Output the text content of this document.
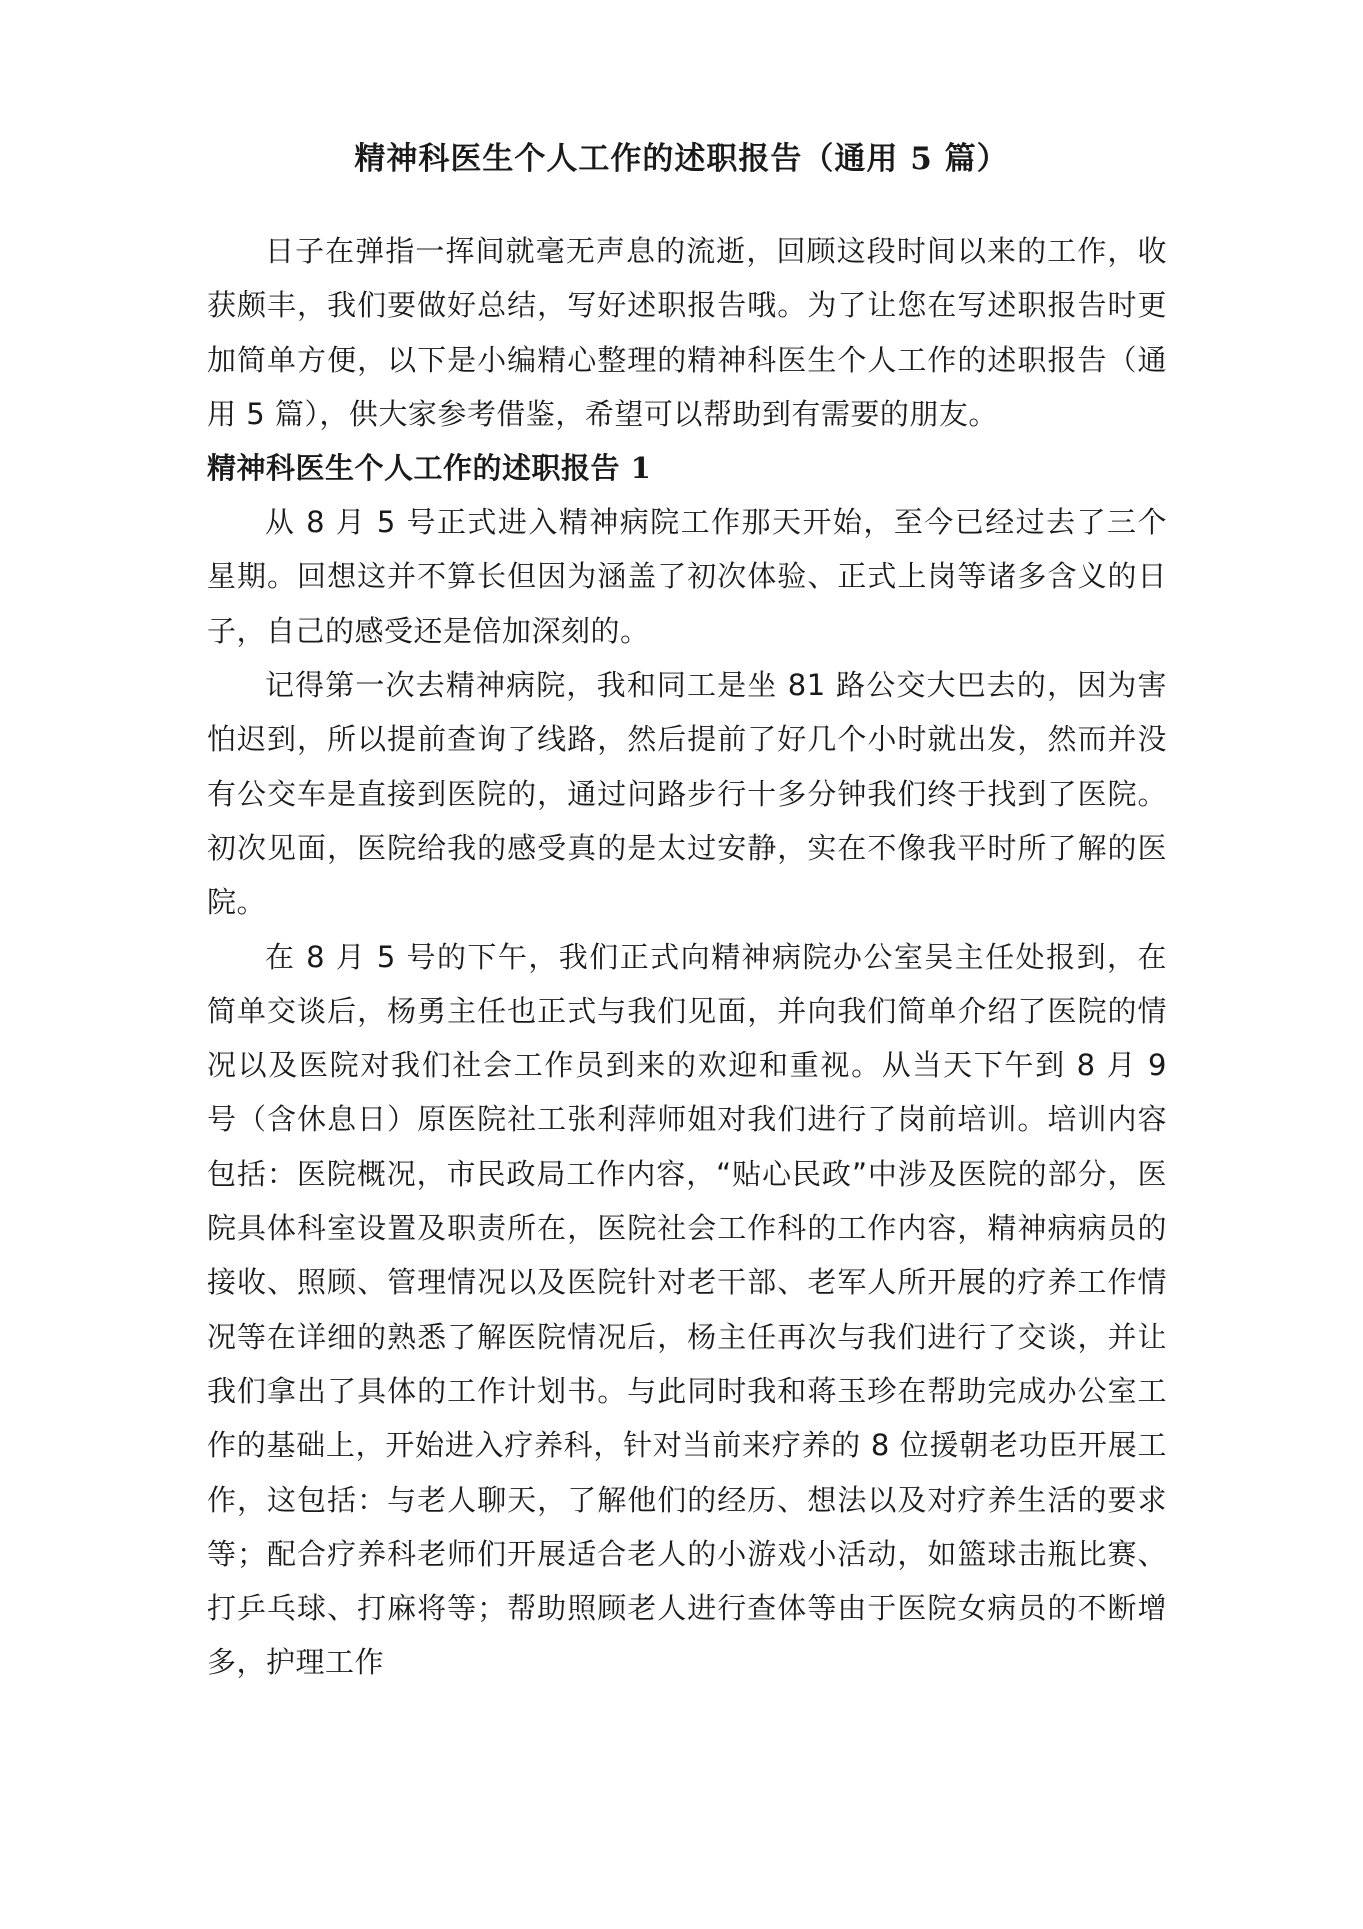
精神科医生个人工作的述职报告（通用 5 篇）

日子在弹指一挥间就毫无声息的流逝，回顾这段时间以来的工作，收获颇丰，我们要做好总结，写好述职报告哦。为了让您在写述职报告时更加简单方便，以下是小编精心整理的精神科医生个人工作的述职报告（通用 5 篇），供大家参考借鉴，希望可以帮助到有需要的朋友。

精神科医生个人工作的述职报告 1

从 8 月 5 号正式进入精神病院工作那天开始，至今已经过去了三个星期。回想这并不算长但因为涵盖了初次体验、正式上岗等诸多含义的日子，自己的感受还是倍加深刻的。

记得第一次去精神病院，我和同工是坐 81 路公交大巴去的，因为害怕迟到，所以提前查询了线路，然后提前了好几个小时就出发，然而并没有公交车是直接到医院的，通过问路步行十多分钟我们终于找到了医院。初次见面，医院给我的感受真的是太过安静，实在不像我平时所了解的医院。

在 8 月 5 号的下午，我们正式向精神病院办公室吴主任处报到，在简单交谈后，杨勇主任也正式与我们见面，并向我们简单介绍了医院的情况以及医院对我们社会工作员到来的欢迎和重视。从当天下午到 8 月 9 号（含休息日）原医院社工张利萍师姐对我们进行了岗前培训。培训内容包括：医院概况，市民政局工作内容，“贴心民政”中涉及医院的部分，医院具体科室设置及职责所在，医院社会工作科的工作内容，精神病病员的接收、照顾、管理情况以及医院针对老干部、老军人所开展的疗养工作情况等在详细的熟悉了解医院情况后，杨主任再次与我们进行了交谈，并让我们拿出了具体的工作计划书。与此同时我和蒋玉珍在帮助完成办公室工作的基础上，开始进入疗养科，针对当前来疗养的 8 位援朝老功臣开展工作，这包括：与老人聊天，了解他们的经历、想法以及对疗养生活的要求等；配合疗养科老师们开展适合老人的小游戏小活动，如篮球击瓶比赛、打乒乓球、打麻将等；帮助照顾老人进行查体等由于医院女病员的不断增多，护理工作
